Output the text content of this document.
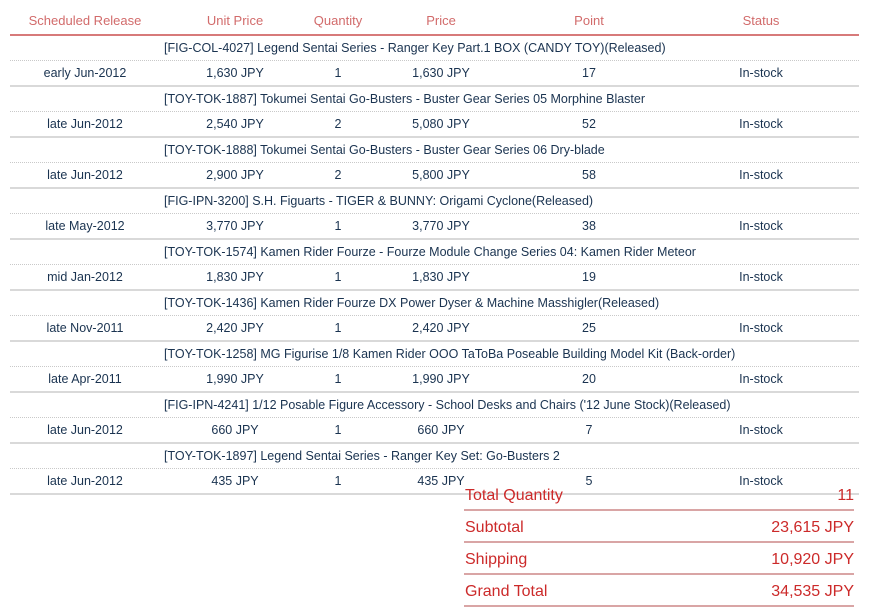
Scheduled Release	Unit Price	Quantity	Price	Point	Status
[FIG-COL-4027] Legend Sentai Series - Ranger Key Part.1 BOX (CANDY TOY)(Released)
early Jun-2012	1,630 JPY	1	1,630 JPY	17	In-stock
[TOY-TOK-1887] Tokumei Sentai Go-Busters - Buster Gear Series 05 Morphine Blaster
late Jun-2012	2,540 JPY	2	5,080 JPY	52	In-stock
[TOY-TOK-1888] Tokumei Sentai Go-Busters - Buster Gear Series 06 Dry-blade
late Jun-2012	2,900 JPY	2	5,800 JPY	58	In-stock
[FIG-IPN-3200] S.H. Figuarts - TIGER & BUNNY: Origami Cyclone(Released)
late May-2012	3,770 JPY	1	3,770 JPY	38	In-stock
[TOY-TOK-1574] Kamen Rider Fourze - Fourze Module Change Series 04: Kamen Rider Meteor
mid Jan-2012	1,830 JPY	1	1,830 JPY	19	In-stock
[TOY-TOK-1436] Kamen Rider Fourze DX Power Dyser & Machine Masshigler(Released)
late Nov-2011	2,420 JPY	1	2,420 JPY	25	In-stock
[TOY-TOK-1258] MG Figurise 1/8 Kamen Rider OOO TaToBa Poseable Building Model Kit (Back-order)
late Apr-2011	1,990 JPY	1	1,990 JPY	20	In-stock
[FIG-IPN-4241] 1/12 Posable Figure Accessory - School Desks and Chairs ('12 June Stock)(Released)
late Jun-2012	660 JPY	1	660 JPY	7	In-stock
[TOY-TOK-1897] Legend Sentai Series - Ranger Key Set: Go-Busters 2
late Jun-2012	435 JPY	1	435 JPY	5	In-stock
Total Quantity	11
Subtotal	23,615 JPY
Shipping	10,920 JPY
Grand Total	34,535 JPY
